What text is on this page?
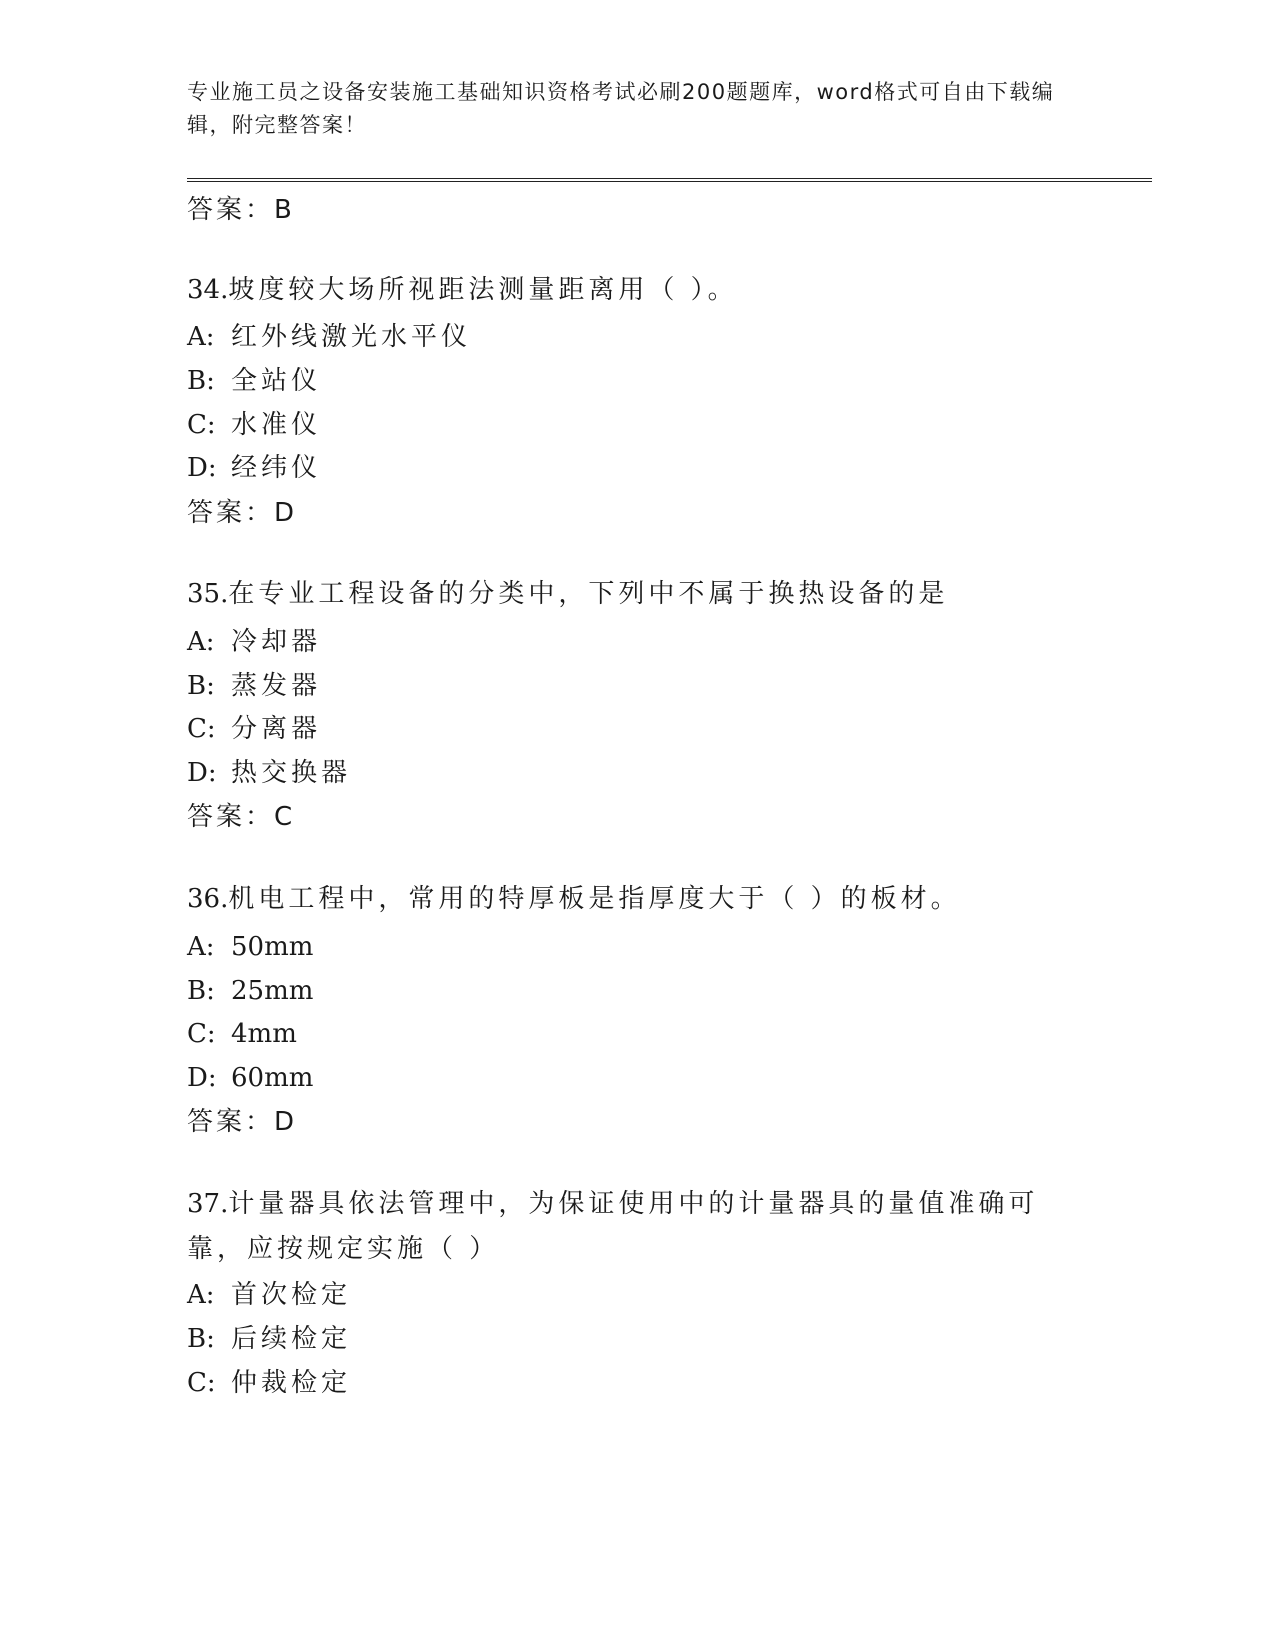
专业施工员之设备安装施工基础知识资格考试必刷200题题库，word格式可自由下载编辑，附完整答案！
答案：B
34.坡度较大场所视距法测量距离用（ ）。
A: 红外线激光水平仪
B: 全站仪
C: 水准仪
D: 经纬仪
答案：D
35.在专业工程设备的分类中，下列中不属于换热设备的是
A: 冷却器
B: 蒸发器
C: 分离器
D: 热交换器
答案：C
36.机电工程中，常用的特厚板是指厚度大于（ ）的板材。
A: 50mm
B: 25mm
C: 4mm
D: 60mm
答案：D
37.计量器具依法管理中，为保证使用中的计量器具的量值准确可靠，应按规定实施（ ）
A: 首次检定
B: 后续检定
C: 仲裁检定
